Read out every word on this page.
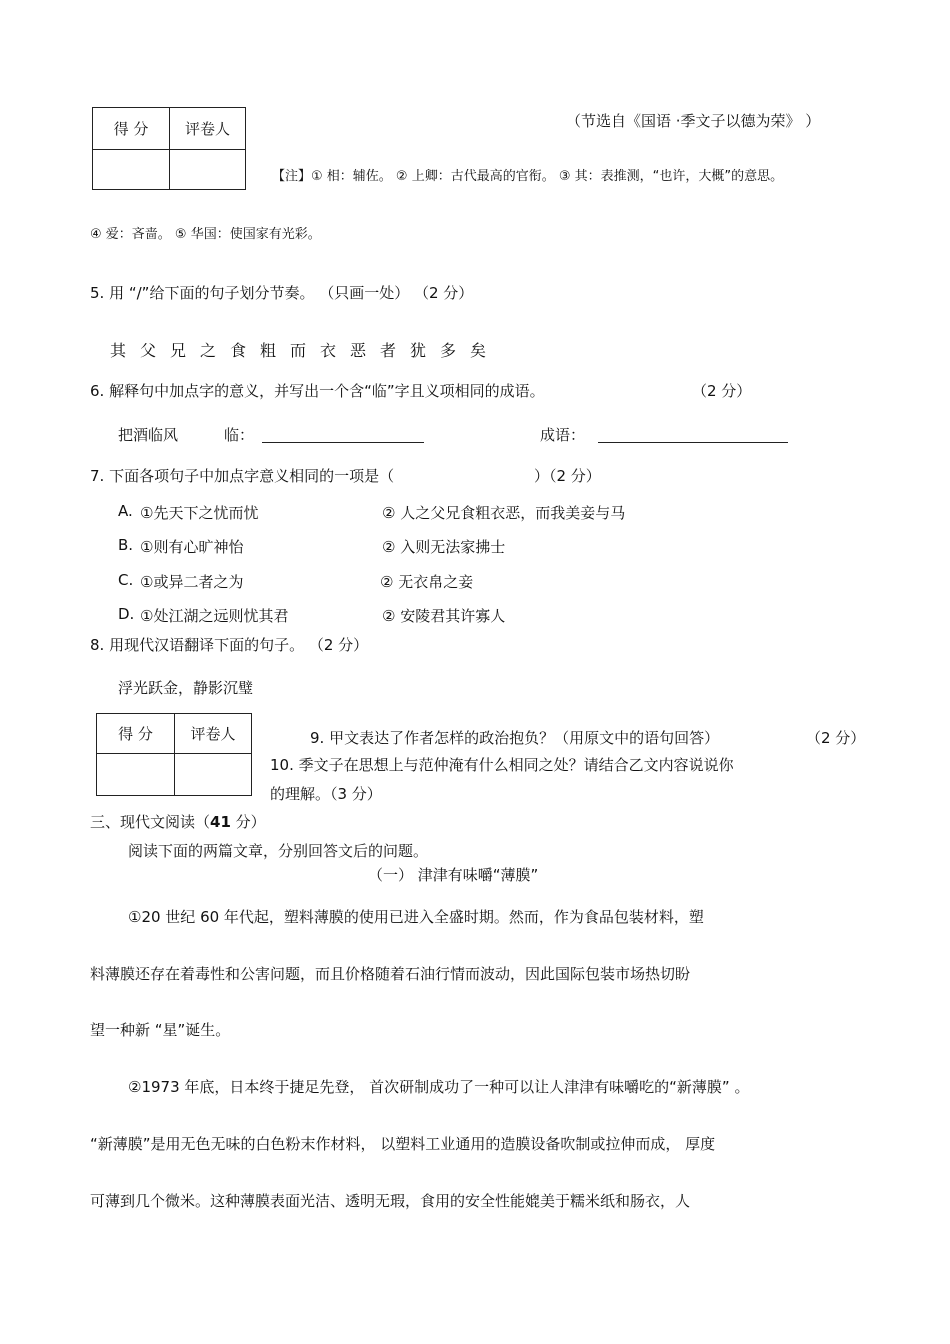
得 分	评卷人
		（节选自《国语 ·季文子以德为荣》 ）
【注】① 相：辅佐。 ② 上卿：古代最高的官衔。 ③ 其：表推测，“也许，大概”的意思。
④ 爱：吝啬。 ⑤ 华国：使国家有光彩。
5. 用 “/”给下面的句子划分节奏。 （只画一处） （2 分）
其父兄之食粗而衣恶者犹多矣
6. 解释句中加点字的意义，并写出一个含“临”字且义项相同的成语。	（2 分）
把酒临风	临：	成语：
7. 下面各项句子中加点字意义相同的一项是（	）（2 分）
A. ①先天下之忧而忧	② 人之父兄食粗衣恶，而我美妾与马
B. ①则有心旷神怡	② 入则无法家拂士
C. ①或异二者之为	② 无衣帛之妾
D. ①处江湖之远则忧其君	② 安陵君其许寡人
8. 用现代汉语翻译下面的句子。 （2 分）
浮光跃金，静影沉璧
得 分	评卷人
		9. 甲文表达了作者怎样的政治抱负？（用原文中的语句回答）	（2 分）
10. 季文子在思想上与范仲淹有什么相同之处？请结合乙文内容说说你
的理解。（3 分）
三、现代文阅读（41 分）
阅读下面的两篇文章，分别回答文后的问题。
（一） 津津有味嚼“薄膜”
①20 世纪 60 年代起，塑料薄膜的使用已进入全盛时期。然而，作为食品包装材料，塑
料薄膜还存在着毒性和公害问题，而且价格随着石油行情而波动，因此国际包装市场热切盼
望一种新 “星”诞生。
②1973 年底，日本终于捷足先登， 首次研制成功了一种可以让人津津有味嚼吃的“新薄膜” 。
“新薄膜”是用无色无味的白色粉末作材料， 以塑料工业通用的造膜设备吹制或拉伸而成， 厚度
可薄到几个微米。这种薄膜表面光洁、透明无瑕，食用的安全性能媲美于糯米纸和肠衣，人
